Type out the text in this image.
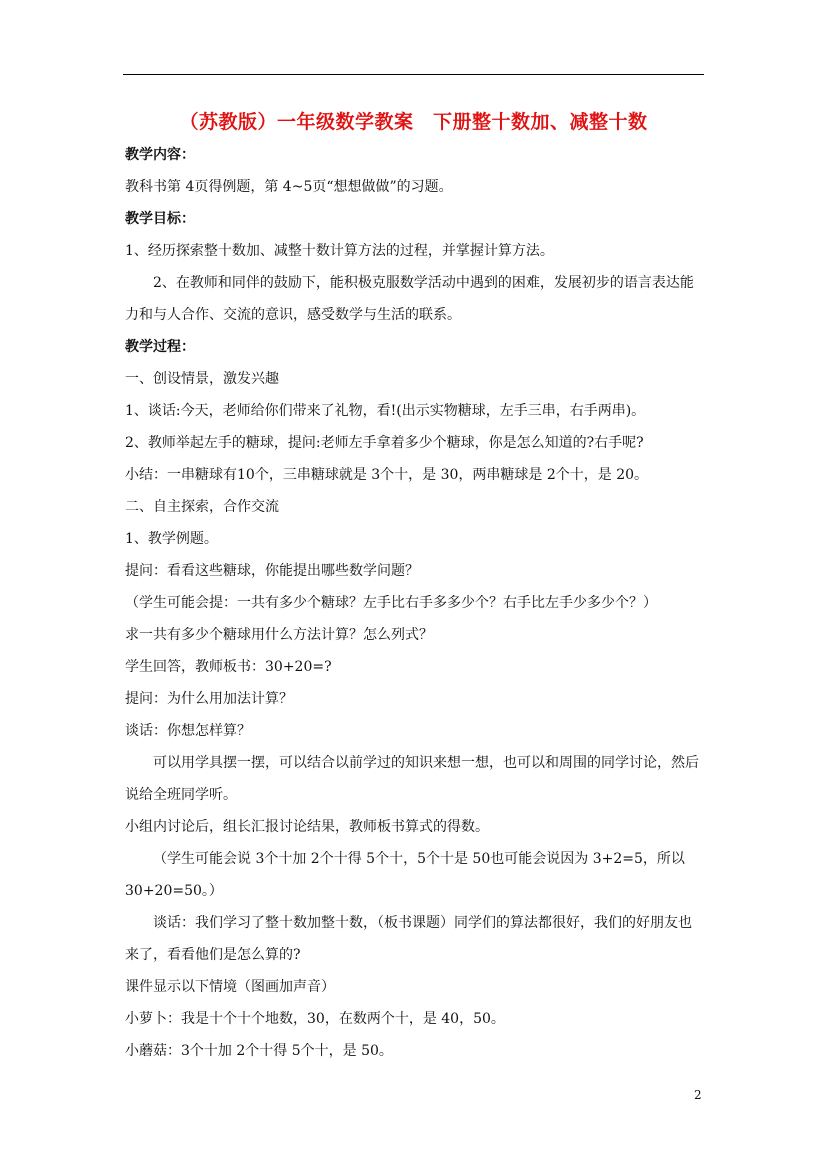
（苏教版）一年级数学教案　下册整十数加、减整十数
教学内容：
教科书第 4页得例题，第 4~5页“想想做做”的习题。
教学目标：
1、经历探索整十数加、减整十数计算方法的过程，并掌握计算方法。
2、在教师和同伴的鼓励下，能积极克服数学活动中遇到的困难，发展初步的语言表达能力和与人合作、交流的意识，感受数学与生活的联系。
教学过程：
一、创设情景，激发兴趣
1、谈话:今天，老师给你们带来了礼物，看!(出示实物糖球，左手三串，右手两串)。
2、教师举起左手的糖球，提问:老师左手拿着多少个糖球，你是怎么知道的?右手呢?
小结：一串糖球有10个，三串糖球就是 3个十，是 30，两串糖球是 2个十，是 20。
二、自主探索，合作交流
1、教学例题。
提问：看看这些糖球，你能提出哪些数学问题？
（学生可能会提：一共有多少个糖球？左手比右手多多少个？右手比左手少多少个？）
求一共有多少个糖球用什么方法计算？怎么列式？
学生回答，教师板书：30+20=?
提问：为什么用加法计算？
谈话：你想怎样算？
可以用学具摆一摆，可以结合以前学过的知识来想一想，也可以和周围的同学讨论，然后说给全班同学听。
小组内讨论后，组长汇报讨论结果，教师板书算式的得数。
（学生可能会说 3个十加 2个十得 5个十，5个十是 50也可能会说因为 3+2=5，所以 30+20=50。）
谈话：我们学习了整十数加整十数，（板书课题）同学们的算法都很好，我们的好朋友也来了，看看他们是怎么算的?
课件显示以下情境（图画加声音）
小萝卜：我是十个十个地数，30，在数两个十，是 40，50。
小蘑菇：3个十加 2个十得 5个十，是 50。
2
